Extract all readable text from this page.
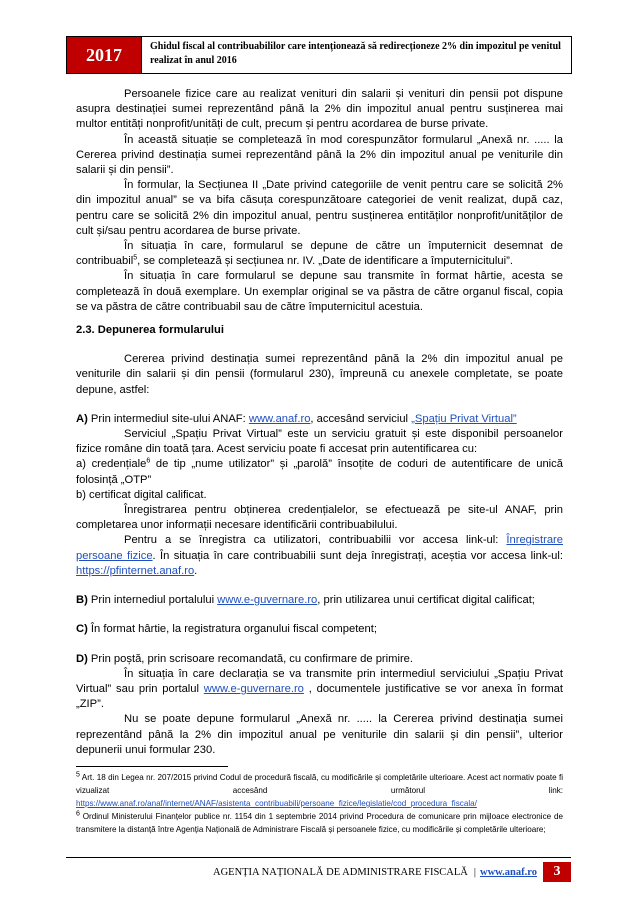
2017	Ghidul fiscal al contribuabililor care intenționează să redirecționeze 2% din impozitul pe venitul realizat în anul 2016

Persoanele fizice care au realizat venituri din salarii și venituri din pensii pot dispune asupra destinației sumei reprezentând până la 2% din impozitul anual pentru susținerea mai multor entități nonprofit/unități de cult, precum și pentru acordarea de burse private.

În această situație se completează în mod corespunzător formularul „Anexă nr. ..... la Cererea privind destinația sumei reprezentând până la 2% din impozitul anual pe veniturile din salarii și din pensii”.

În formular, la Secțiunea II „Date privind categoriile de venit pentru care se solicită 2% din impozitul anual” se va bifa căsuța corespunzătoare categoriei de venit realizat, după caz, pentru care se solicită 2% din impozitul anual, pentru susținerea entităților nonprofit/unităților de cult și/sau pentru acordarea de burse private.

În situația în care, formularul se depune de către un împuternicit desemnat de contribuabil$^5$, se completează și secțiunea nr. IV. „Date de identificare a împuternicitului”.

În situația în care formularul se depune sau transmite în format hârtie, acesta se completează în două exemplare. Un exemplar original se va păstra de către organul fiscal, copia se va păstra de către contribuabil sau de către împuternicitul acestuia.

2.3. Depunerea formularului

Cererea privind destinația sumei reprezentând până la 2% din impozitul anual pe veniturile din salarii și din pensii (formularul 230), împreună cu anexele completate, se poate depune, astfel:

A) Prin intermediul site-ului ANAF: www.anaf.ro, accesând serviciul „Spațiu Privat Virtual”

Serviciul „Spațiu Privat Virtual” este un serviciu gratuit și este disponibil persoanelor fizice române din toată țara. Acest serviciu poate fi accesat prin autentificarea cu:

a) credențiale$^6$ de tip „nume utilizator” și „parolă” însoțite de coduri de autentificare de unică folosință „OTP”

b) certificat digital calificat.

Înregistrarea pentru obținerea credențialelor, se efectuează pe site-ul ANAF, prin completarea unor informații necesare identificării contribuabilului.

Pentru a se înregistra ca utilizatori, contribuabilii vor accesa link-ul: Înregistrare persoane fizice. În situația în care contribuabilii sunt deja înregistrați, aceștia vor accesa link-ul: https://pfinternet.anaf.ro.

B) Prin internediul portalului www.e-guvernare.ro, prin utilizarea unui certificat digital calificat;

C) În format hârtie, la registratura organului fiscal competent;

D) Prin poștă, prin scrisoare recomandată, cu confirmare de primire.

În situația în care declarația se va transmite prin intermediul serviciului „Spațiu Privat Virtual” sau prin portalul www.e-guvernare.ro , documentele justificative se vor anexa în format „ZIP”.

Nu se poate depune formularul „Anexă nr. ..... la Cererea privind destinația sumei reprezentând până la 2% din impozitul anual pe veniturile din salarii și din pensii”, ulterior depunerii unui formular 230.

$^5$ Art. 18 din Legea nr. 207/2015 privind Codul de procedură fiscală, cu modificările și completările ulterioare. Acest act normativ poate fi vizualizat accesând următorul link: https://www.anaf.ro/anaf/internet/ANAF/asistenta_contribuabili/persoane_fizice/legislatie/cod_procedura_fiscala/

$^6$ Ordinul Ministerului Finanțelor publice nr. 1154 din 1 septembrie 2014 privind Procedura de comunicare prin mijloace electronice de transmitere la distanță între Agenția Națională de Administrare Fiscală și persoanele fizice, cu modificările și completările ulterioare;

AGENȚIA NAȚIONALĂ DE ADMINISTRARE FISCALĂ | www.anaf.ro	3
